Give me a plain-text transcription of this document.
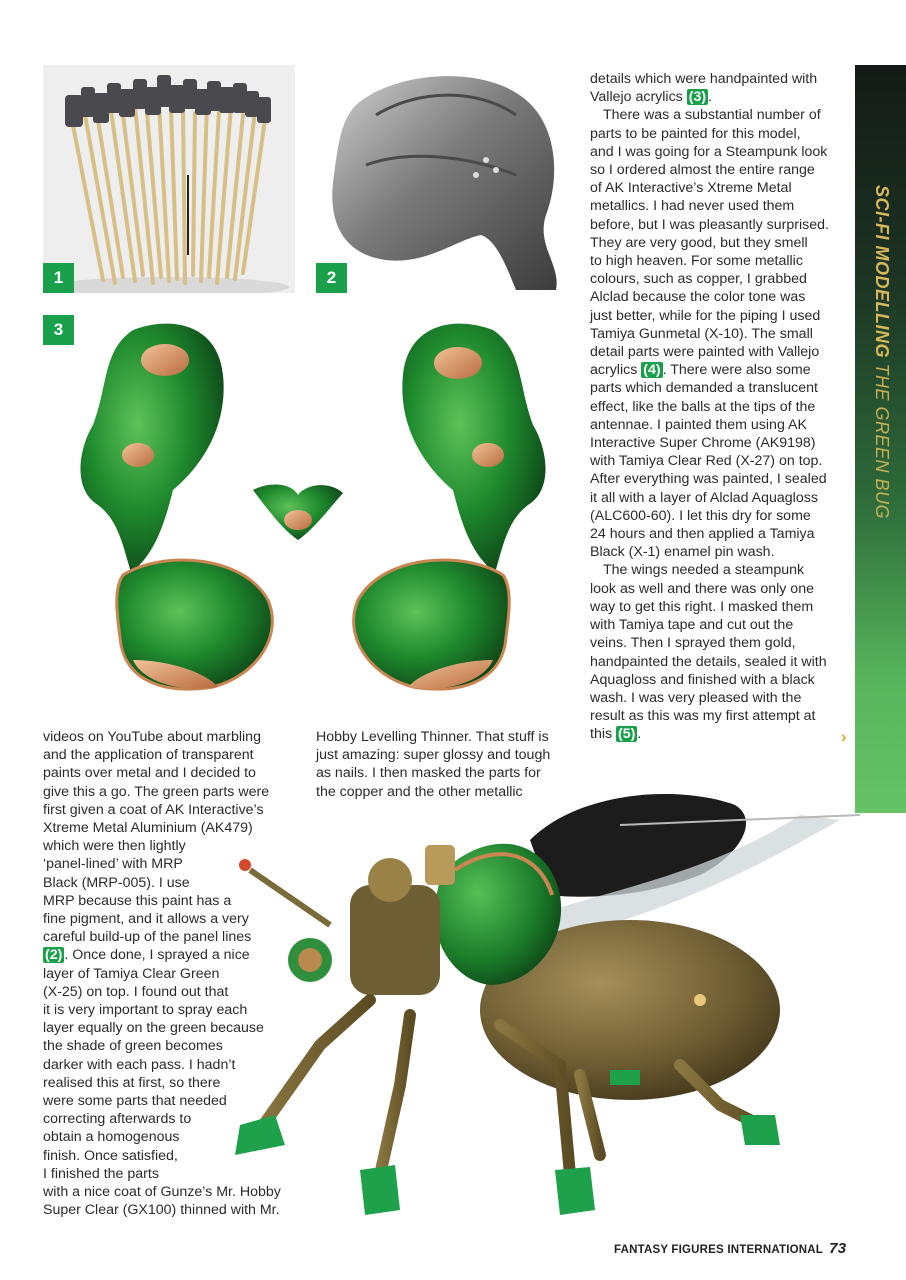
1	2
3

details which were handpainted with

Vallejo acrylics (3) .

There was a substantial number of

parts to be painted for this model,

and I was going for a Steampunk look

so I ordered almost the entire range

of AK Interactive’s Xtreme Metal

metallics. I had never used them

before, but I was pleasantly surprised.

They are very good, but they smell

to high heaven. For some metallic

colours, such as copper, I grabbed

Alclad because the color tone was

just better, while for the piping I used

Tamiya Gunmetal (X-10). The small

detail parts were painted with Vallejo

acrylics (4) . There were also some

parts which demanded a translucent

effect, like the balls at the tips of the

antennae. I painted them using AK

Interactive Super Chrome (AK9198)

with Tamiya Clear Red (X-27) on top.

After everything was painted, I sealed

it all with a layer of Alclad Aquagloss

(ALC600-60). I let this dry for some

24 hours and then applied a Tamiya

Black (X-1) enamel pin wash.

The wings needed a steampunk

look as well and there was only one

way to get this right. I masked them

with Tamiya tape and cut out the

veins. Then I sprayed them gold,

handpainted the details, sealed it with

Aquagloss and finished with a black

wash. I was very pleased with the

result as this was my first attempt at

this (5) .

Hobby Levelling Thinner. That stuff is

just amazing: super glossy and tough

as nails. I then masked the parts for

the copper and the other metallic

videos on YouTube about marbling

and the application of transparent

paints over metal and I decided to

give this a go. The green parts were

first given a coat of AK Interactive’s

Xtreme Metal Aluminium (AK479)

which were then lightly

‘panel-lined’ with MRP

Black (MRP-005). I use

MRP because this paint has a

fine pigment, and it allows a very

careful build-up of the panel lines

(2) . Once done, I sprayed a nice

layer of Tamiya Clear Green

(X-25) on top. I found out that

it is very important to spray each

layer equally on the green because

the shade of green becomes

darker with each pass. I hadn’t

realised this at first, so there

were some parts that needed

correcting afterwards to

obtain a homogenous

finish. Once satisfied,

I finished the parts

with a nice coat of Gunze’s Mr. Hobby

Super Clear (GX100) thinned with Mr.

SCI-FI MODELLING THE GREEN BUG
›
FANTASY FIGURES INTERNATIONAL 73
